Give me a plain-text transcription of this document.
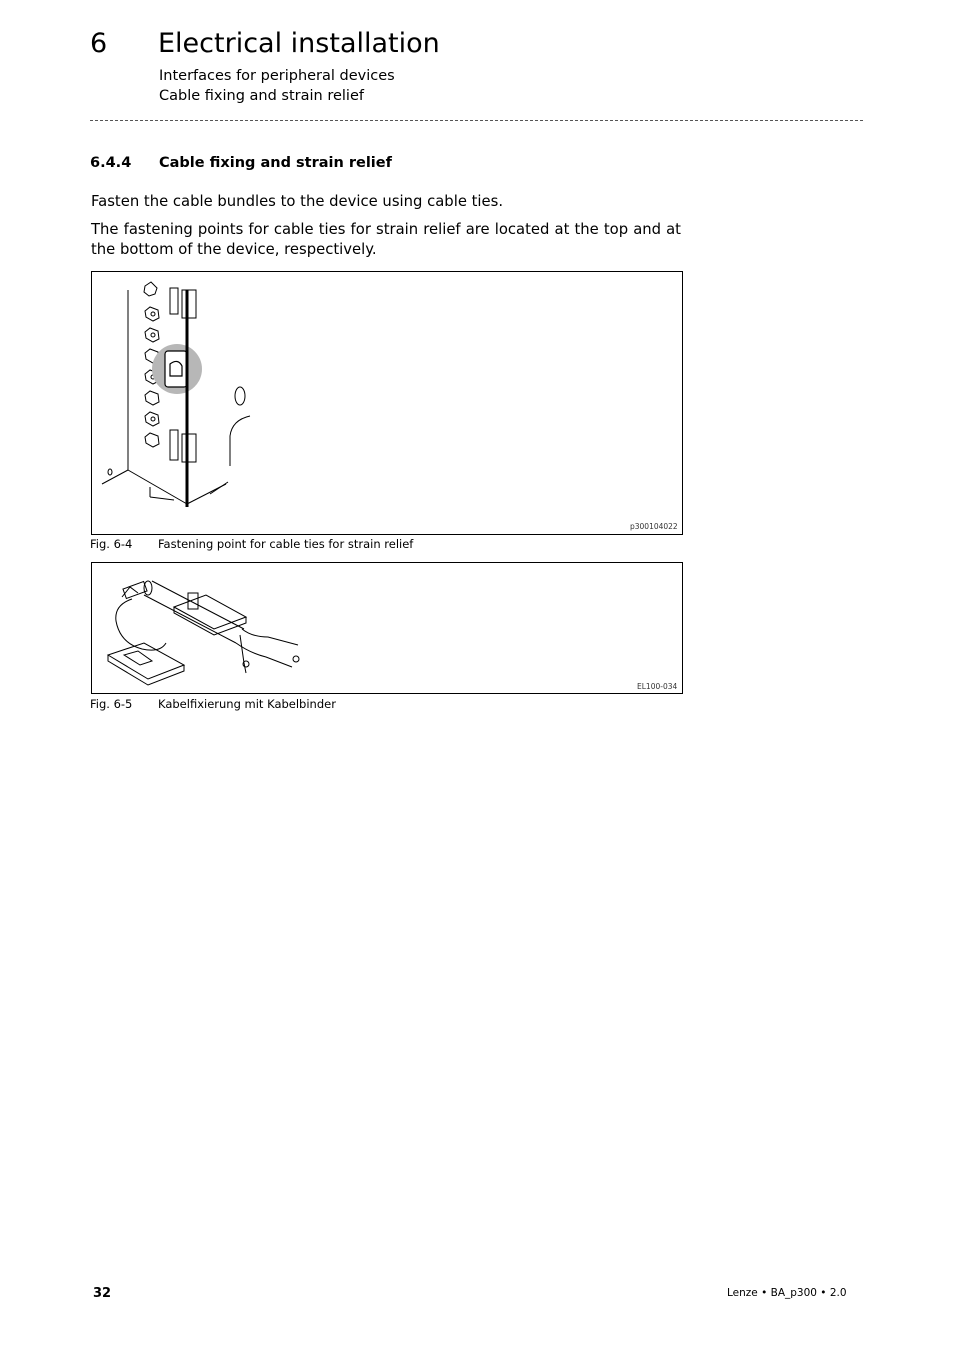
6 Electrical installation
Interfaces for peripheral devices
Cable fixing and strain relief
6.4.4 Cable fixing and strain relief
Fasten the cable bundles to the device using cable ties.
The fastening points for cable ties for strain relief are located at the top and at the bottom of the device, respectively.
p300104022
Fig. 6-4 Fastening point for cable ties for strain relief
EL100-034
Fig. 6-5 Kabelfixierung mit Kabelbinder
32	Lenze • BA_p300 • 2.0
